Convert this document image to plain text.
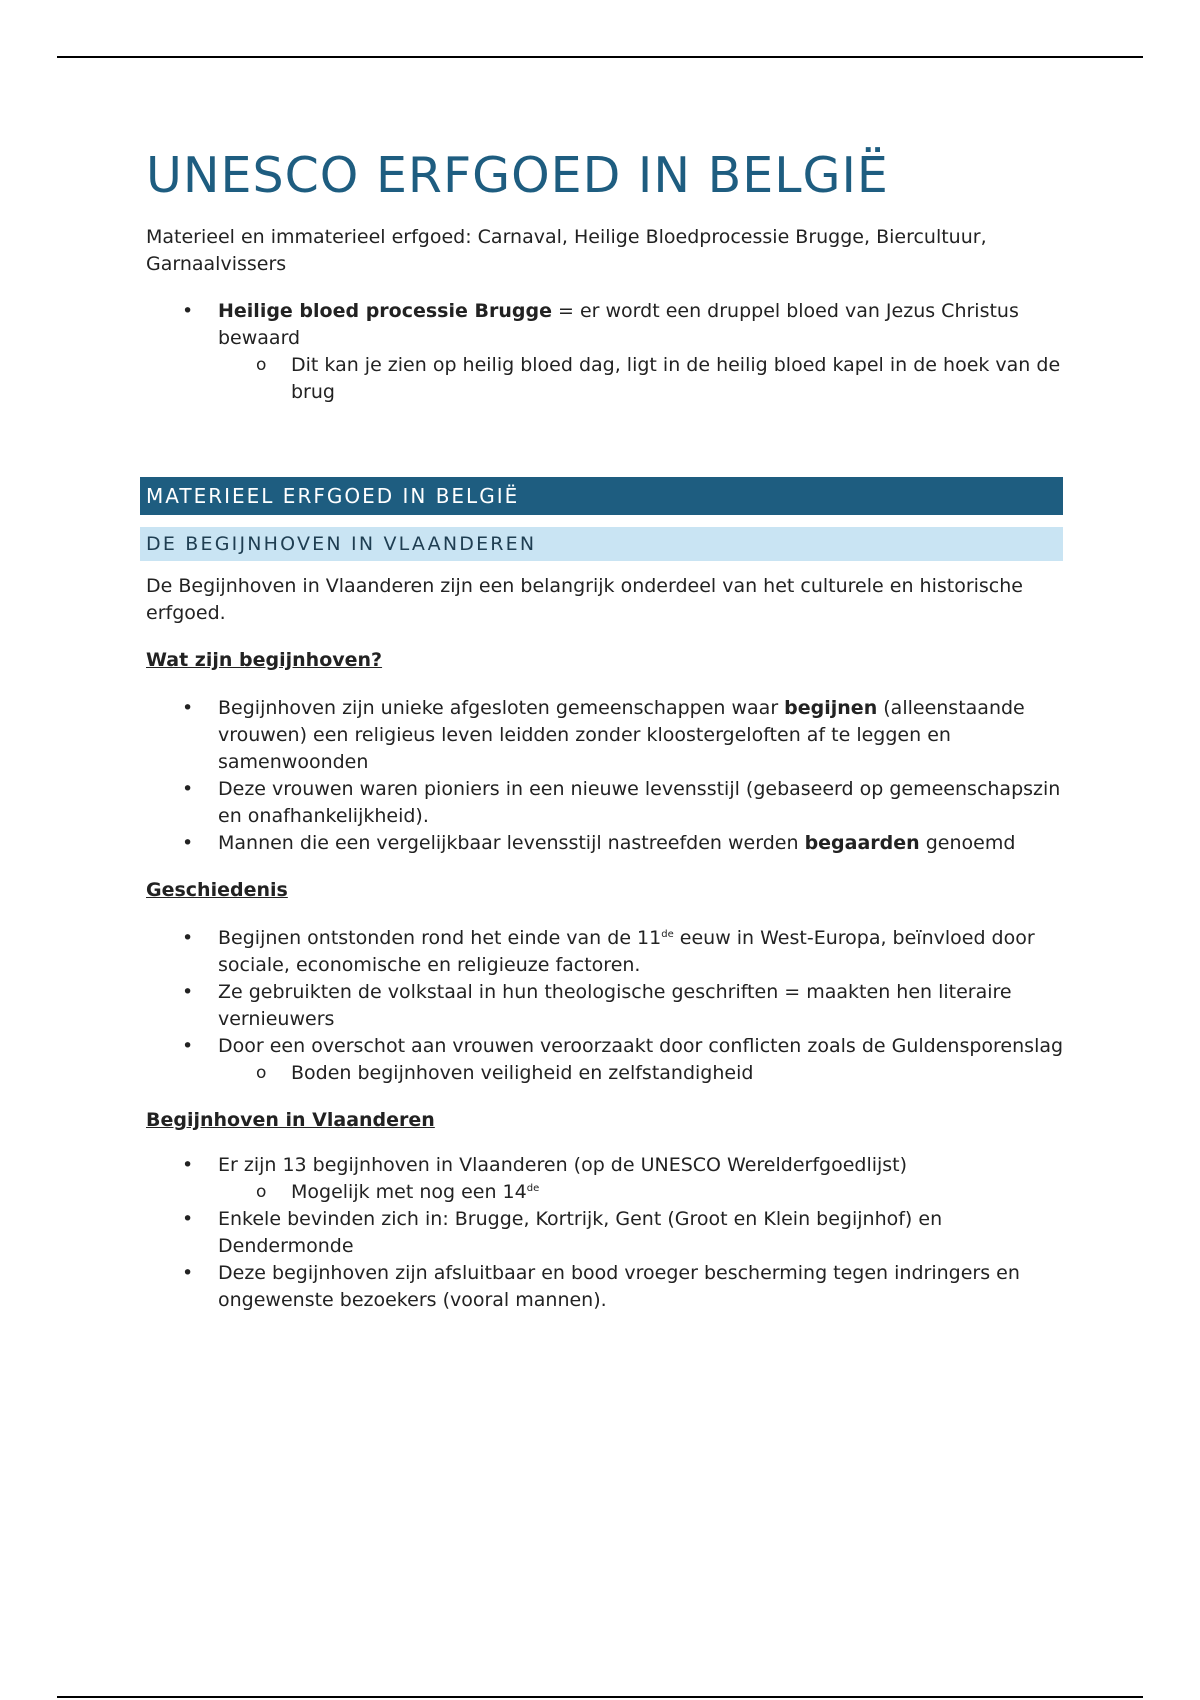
UNESCO ERFGOED IN BELGIË

Materieel en immaterieel erfgoed: Carnaval, Heilige Bloedprocessie Brugge, Biercultuur, Garnaalvissers

• Heilige bloed processie Brugge = er wordt een druppel bloed van Jezus Christus bewaard
o Dit kan je zien op heilig bloed dag, ligt in de heilig bloed kapel in de hoek van de brug
MATERIEEL ERFGOED IN BELGIË
DE BEGIJNHOVEN IN VLAANDEREN

De Begijnhoven in Vlaanderen zijn een belangrijk onderdeel van het culturele en historische erfgoed.

Wat zijn begijnhoven?
• Begijnhoven zijn unieke afgesloten gemeenschappen waar begijnen (alleenstaande vrouwen) een religieus leven leidden zonder kloostergeloften af te leggen en samenwoonden
• Deze vrouwen waren pioniers in een nieuwe levensstijl (gebaseerd op gemeenschapszin en onafhankelijkheid).
• Mannen die een vergelijkbaar levensstijl nastreefden werden begaarden genoemd
Geschiedenis
• Begijnen ontstonden rond het einde van de 11de eeuw in West-Europa, beïnvloed door sociale, economische en religieuze factoren.
• Ze gebruikten de volkstaal in hun theologische geschriften = maakten hen literaire vernieuwers
• Door een overschot aan vrouwen veroorzaakt door conflicten zoals de Guldensporenslag
o Boden begijnhoven veiligheid en zelfstandigheid
Begijnhoven in Vlaanderen
• Er zijn 13 begijnhoven in Vlaanderen (op de UNESCO Werelderfgoedlijst)
o Mogelijk met nog een 14de
• Enkele bevinden zich in: Brugge, Kortrijk, Gent (Groot en Klein begijnhof) en Dendermonde
• Deze begijnhoven zijn afsluitbaar en bood vroeger bescherming tegen indringers en ongewenste bezoekers (vooral mannen).
